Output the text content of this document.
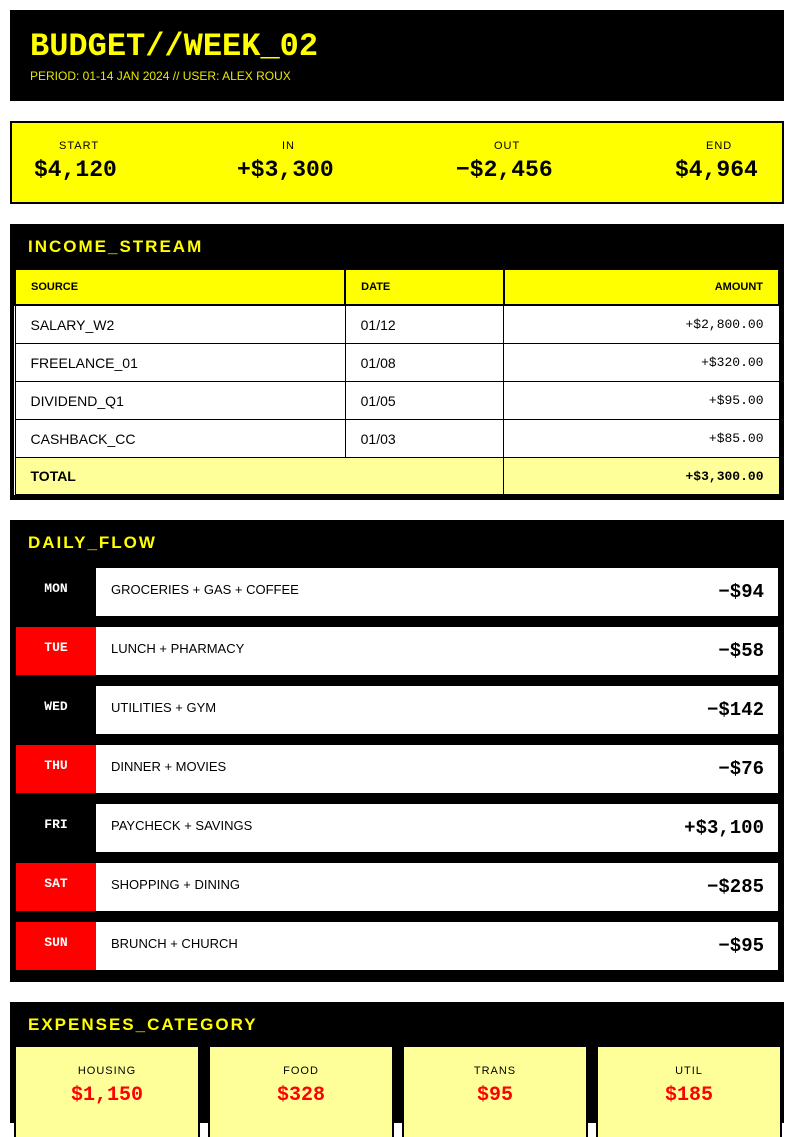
BUDGET//WEEK_02
PERIOD: 01-14 JAN 2024 // USER: ALEX ROUX
START
$4,120
IN
+$3,300
OUT
−$2,456
END
$4,964
INCOME_STREAM
SOURCE	DATE	AMOUNT
SALARY_W2	01/12	+$2,800.00
FREELANCE_01	01/08	+$320.00
DIVIDEND_Q1	01/05	+$95.00
CASHBACK_CC	01/03	+$85.00
TOTAL		+$3,300.00
DAILY_FLOW
MON	GROCERIES + GAS + COFFEE	−$94
TUE	LUNCH + PHARMACY	−$58
WED	UTILITIES + GYM	−$142
THU	DINNER + MOVIES	−$76
FRI	PAYCHECK + SAVINGS	+$3,100
SAT	SHOPPING + DINING	−$285
SUN	BRUNCH + CHURCH	−$95
EXPENSES_CATEGORY
HOUSING
$1,150
FOOD
$328
TRANS
$95
UTIL
$185
